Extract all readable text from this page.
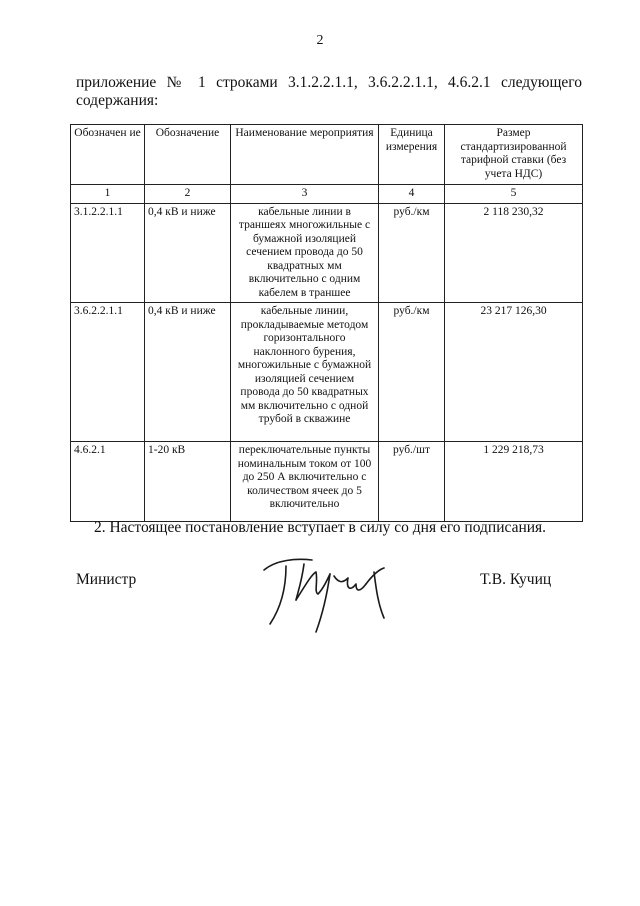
2
приложение № 1 строками 3.1.2.2.1.1, 3.6.2.2.1.1, 4.6.2.1 следующего
содержания:
Обозначен ие	Обозначение	Наименование мероприятия	Единица измерения	Размер стандартизированной тарифной ставки (без учета НДС)
1	2	3	4	5
3.1.2.2.1.1	0,4 кВ и ниже	кабельные линии в траншеях многожильные с бумажной изоляцией сечением провода до 50 квадратных мм включительно с одним кабелем в траншее	руб./км	2 118 230,32
3.6.2.2.1.1	0,4 кВ и ниже	кабельные линии, прокладываемые методом горизонтального наклонного бурения, многожильные с бумажной изоляцией сечением провода до 50 квадратных мм включительно с одной трубой в скважине	руб./км	23 217 126,30
4.6.2.1	1-20 кВ	переключательные пункты номинальным током от 100 до 250 А включительно с количеством ячеек до 5 включительно	руб./шт	1 229 218,73
2. Настоящее постановление вступает в силу со дня его подписания.
Министр	Т.В. Кучиц
